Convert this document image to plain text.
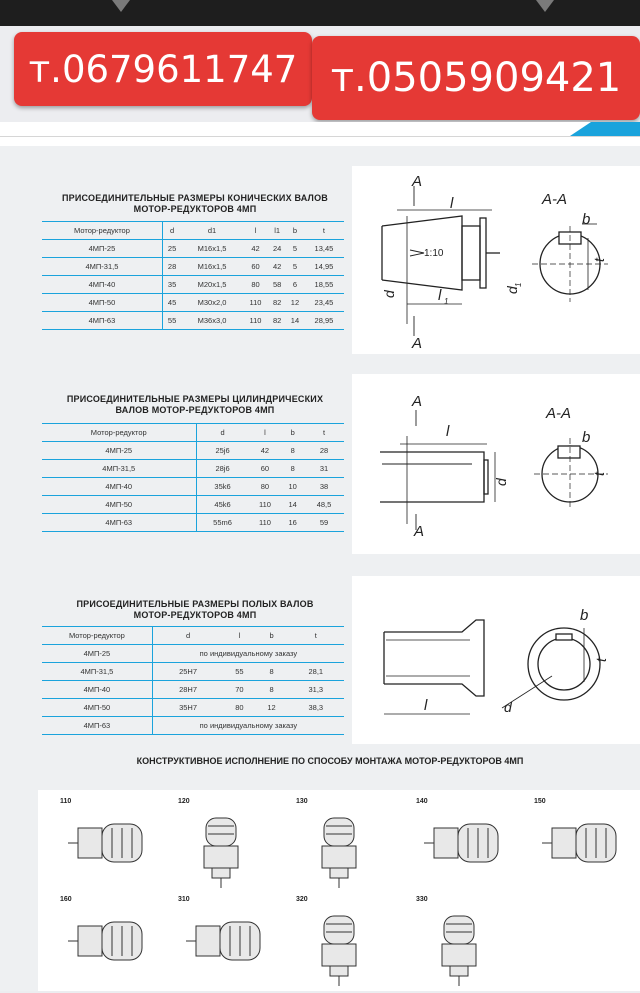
т.0679611747 т.0505909421
ПРИСОЕДИНИТЕЛЬНЫЕ РАЗМЕРЫ КОНИЧЕСКИХ ВАЛОВ
МОТОР-РЕДУКТОРОВ 4МП
Мотор-редуктор	d	d1	l	l1	b	t
4МП-25	25	М16х1,5	42	24	5	13,45
4МП-31,5	28	М16х1,5	60	42	5	14,95
4МП-40	35	М20х1,5	80	58	6	18,55
4МП-50	45	М30х2,0	110	82	12	23,45
4МП-63	55	М36х3,0	110	82	14	28,95
A
A
A-A
l
l 1
d
d
1
b
t
1:10
ПРИСОЕДИНИТЕЛЬНЫЕ РАЗМЕРЫ ЦИЛИНДРИЧЕСКИХ
ВАЛОВ МОТОР-РЕДУКТОРОВ 4МП
Мотор-редуктор	d	l	b	t
4МП-25	25j6	42	8	28
4МП-31,5	28j6	60	8	31
4МП-40	35k6	80	10	38
4МП-50	45k6	110	14	48,5
4МП-63	55m6	110	16	59
A
A
A-A
l
d
b
t
ПРИСОЕДИНИТЕЛЬНЫЕ РАЗМЕРЫ ПОЛЫХ ВАЛОВ
МОТОР-РЕДУКТОРОВ 4МП
Мотор-редуктор	d	l	b	t
4МП-25	по индивидуальному заказу			
4МП-31,5	25H7	55	8	28,1
4МП-40	28H7	70	8	31,3
4МП-50	35H7	80	12	38,3
4МП-63	по индивидуальному заказу			
b
t
l	d
КОНСТРУКТИВНОЕ ИСПОЛНЕНИЕ ПО СПОСОБУ МОНТАЖА МОТОР-РЕДУКТОРОВ 4МП
110	120	130	140	150
160	310	320	330
